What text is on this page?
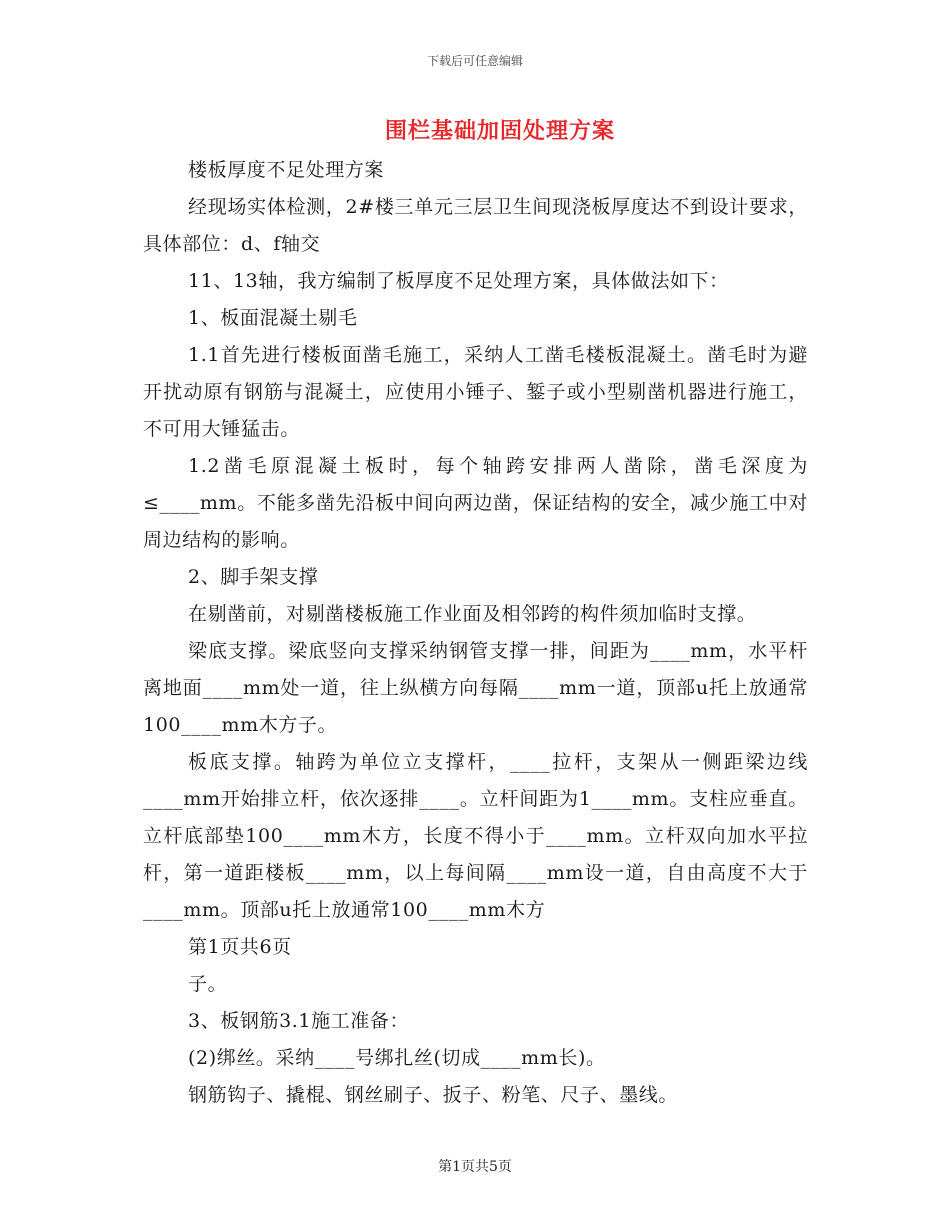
下载后可任意编辑
围栏基础加固处理方案

楼板厚度不足处理方案

经现场实体检测，2#楼三单元三层卫生间现浇板厚度达不到设计要求，具体部位：d、f轴交

11、13轴，我方编制了板厚度不足处理方案，具体做法如下：

1、板面混凝土剔毛

1.1首先进行楼板面凿毛施工，采纳人工凿毛楼板混凝土。凿毛时为避开扰动原有钢筋与混凝土，应使用小锤子、錾子或小型剔凿机器进行施工，不可用大锤猛击。

1.2凿毛原混凝土板时，每个轴跨安排两人凿除，凿毛深度为≤____mm。不能多凿先沿板中间向两边凿，保证结构的安全，减少施工中对周边结构的影响。

2、脚手架支撑

在剔凿前，对剔凿楼板施工作业面及相邻跨的构件须加临时支撑。

梁底支撑。梁底竖向支撑采纳钢管支撑一排，间距为____mm，水平杆离地面____mm处一道，往上纵横方向每隔____mm一道，顶部u托上放通常100____mm木方子。

板底支撑。轴跨为单位立支撑杆，____拉杆，支架从一侧距梁边线____mm开始排立杆，依次逐排____。立杆间距为1____mm。支柱应垂直。立杆底部垫100____mm木方，长度不得小于____mm。立杆双向加水平拉杆，第一道距楼板____mm，以上每间隔____mm设一道，自由高度不大于____mm。顶部u托上放通常100____mm木方

第1页共6页

子。

3、板钢筋3.1施工准备：

(2)绑丝。采纳____号绑扎丝(切成____mm长)。

钢筋钩子、撬棍、钢丝刷子、扳子、粉笔、尺子、墨线。

第1页共5页
